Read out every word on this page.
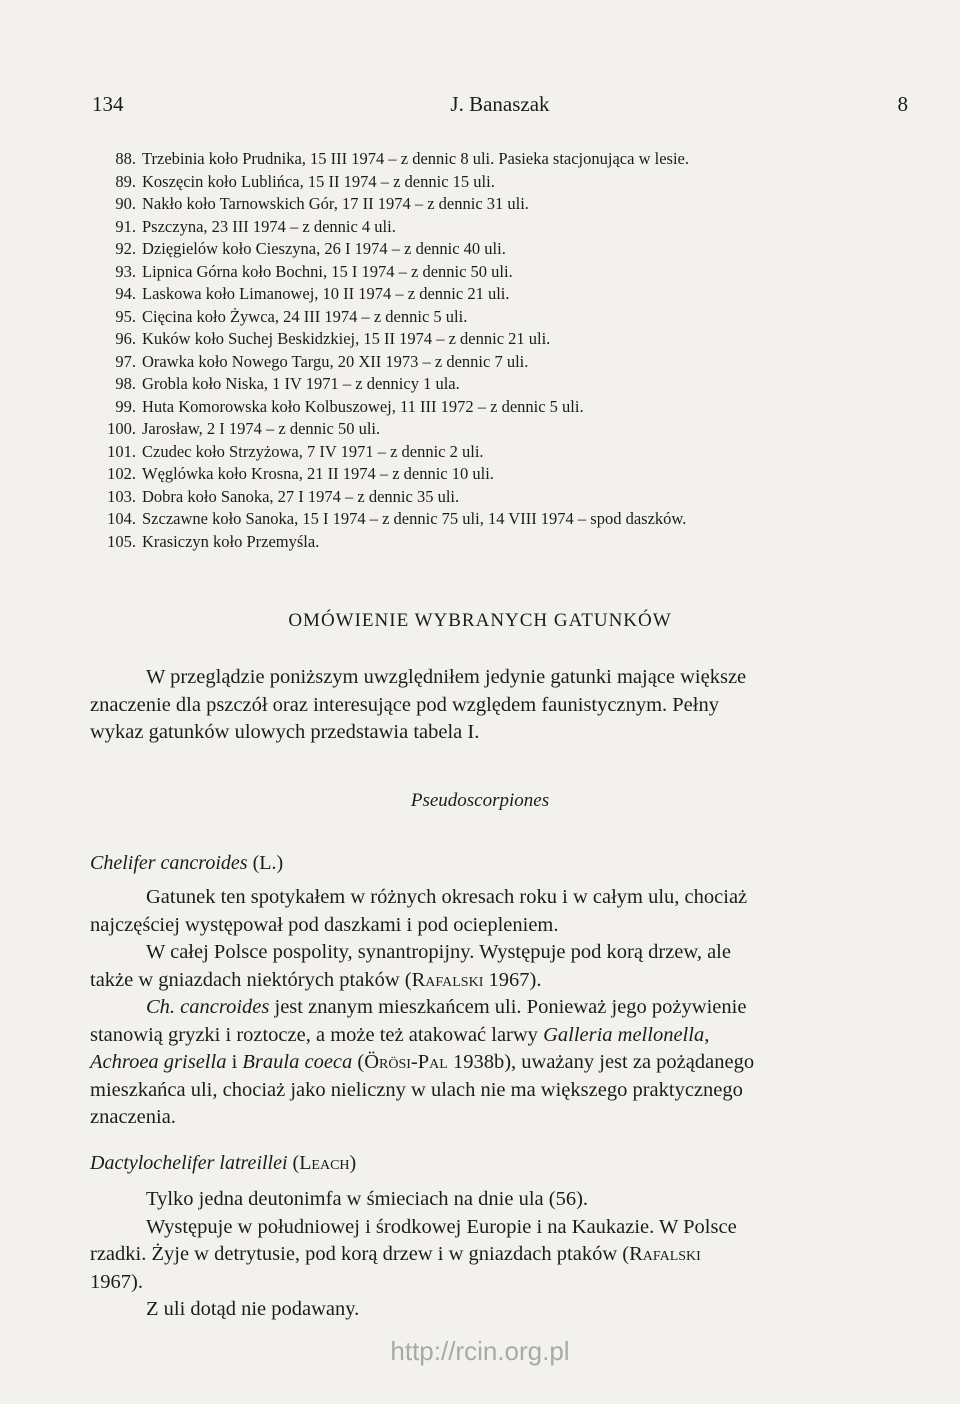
134	J. Banaszak	8
88. Trzebinia koło Prudnika, 15 III 1974 – z dennic 8 uli. Pasieka stacjonująca w lesie.
89. Koszęcin koło Lublińca, 15 II 1974 – z dennic 15 uli.
90. Nakło koło Tarnowskich Gór, 17 II 1974 – z dennic 31 uli.
91. Pszczyna, 23 III 1974 – z dennic 4 uli.
92. Dzięgielów koło Cieszyna, 26 I 1974 – z dennic 40 uli.
93. Lipnica Górna koło Bochni, 15 I 1974 – z dennic 50 uli.
94. Laskowa koło Limanowej, 10 II 1974 – z dennic 21 uli.
95. Cięcina koło Żywca, 24 III 1974 – z dennic 5 uli.
96. Kuków koło Suchej Beskidzkiej, 15 II 1974 – z dennic 21 uli.
97. Orawka koło Nowego Targu, 20 XII 1973 – z dennic 7 uli.
98. Grobla koło Niska, 1 IV 1971 – z dennicy 1 ula.
99. Huta Komorowska koło Kolbuszowej, 11 III 1972 – z dennic 5 uli.
100. Jarosław, 2 I 1974 – z dennic 50 uli.
101. Czudec koło Strzyżowa, 7 IV 1971 – z dennic 2 uli.
102. Węglówka koło Krosna, 21 II 1974 – z dennic 10 uli.
103. Dobra koło Sanoka, 27 I 1974 – z dennic 35 uli.
104. Szczawne koło Sanoka, 15 I 1974 – z dennic 75 uli, 14 VIII 1974 – spod daszków.
105. Krasiczyn koło Przemyśla.
OMÓWIENIE WYBRANYCH GATUNKÓW
W przeglądzie poniższym uwzględniłem jedynie gatunki mające większe
znaczenie dla pszczół oraz interesujące pod względem faunistycznym. Pełny
wykaz gatunków ulowych przedstawia tabela I.
Pseudoscorpiones
Chelifer cancroides (L.)
Gatunek ten spotykałem w różnych okresach roku i w całym ulu, chociaż
najczęściej występował pod daszkami i pod ociepleniem.
W całej Polsce pospolity, synantropijny. Występuje pod korą drzew, ale
także w gniazdach niektórych ptaków (Rafalski 1967).
Ch. cancroides jest znanym mieszkańcem uli. Ponieważ jego pożywienie
stanowią gryzki i roztocze, a może też atakować larwy Galleria mellonella,
Achroea grisella i Braula coeca (Örösi-Pal 1938b), uważany jest za pożądanego
mieszkańca uli, chociaż jako nieliczny w ulach nie ma większego praktycznego
znaczenia.
Dactylochelifer latreillei (Leach)
Tylko jedna deutonimfa w śmieciach na dnie ula (56).
Występuje w południowej i środkowej Europie i na Kaukazie. W Polsce
rzadki. Żyje w detrytusie, pod korą drzew i w gniazdach ptaków (Rafalski
1967).
Z uli dotąd nie podawany.
http://rcin.org.pl
